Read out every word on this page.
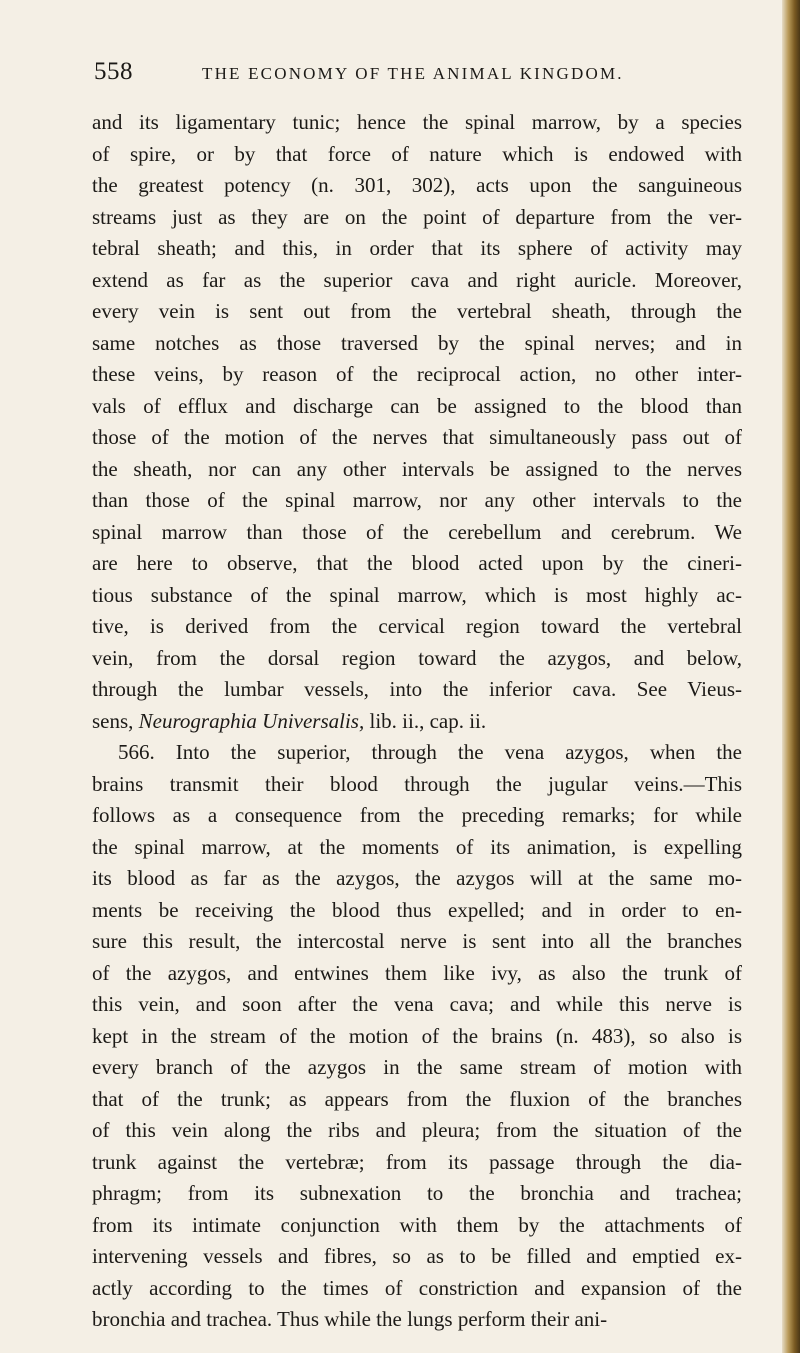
558	THE ECONOMY OF THE ANIMAL KINGDOM.

and its ligamentary tunic; hence the spinal marrow, by a species
of spire, or by that force of nature which is endowed with
the greatest potency (n. 301, 302), acts upon the sanguineous
streams just as they are on the point of departure from the ver-
tebral sheath; and this, in order that its sphere of activity may
extend as far as the superior cava and right auricle. Moreover,
every vein is sent out from the vertebral sheath, through the
same notches as those traversed by the spinal nerves; and in
these veins, by reason of the reciprocal action, no other inter-
vals of efflux and discharge can be assigned to the blood than
those of the motion of the nerves that simultaneously pass out of
the sheath, nor can any other intervals be assigned to the nerves
than those of the spinal marrow, nor any other intervals to the
spinal marrow than those of the cerebellum and cerebrum. We
are here to observe, that the blood acted upon by the cineri-
tious substance of the spinal marrow, which is most highly ac-
tive, is derived from the cervical region toward the vertebral
vein, from the dorsal region toward the azygos, and below,
through the lumbar vessels, into the inferior cava. See Vieus-
sens, Neurographia Universalis, lib. ii., cap. ii.

566. Into the superior, through the vena azygos, when the
brains transmit their blood through the jugular veins.—This
follows as a consequence from the preceding remarks; for while
the spinal marrow, at the moments of its animation, is expelling
its blood as far as the azygos, the azygos will at the same mo-
ments be receiving the blood thus expelled; and in order to en-
sure this result, the intercostal nerve is sent into all the branches
of the azygos, and entwines them like ivy, as also the trunk of
this vein, and soon after the vena cava; and while this nerve is
kept in the stream of the motion of the brains (n. 483), so also is
every branch of the azygos in the same stream of motion with
that of the trunk; as appears from the fluxion of the branches
of this vein along the ribs and pleura; from the situation of the
trunk against the vertebræ; from its passage through the dia-
phragm; from its subnexation to the bronchia and trachea;
from its intimate conjunction with them by the attachments of
intervening vessels and fibres, so as to be filled and emptied ex-
actly according to the times of constriction and expansion of the
bronchia and trachea. Thus while the lungs perform their ani-
